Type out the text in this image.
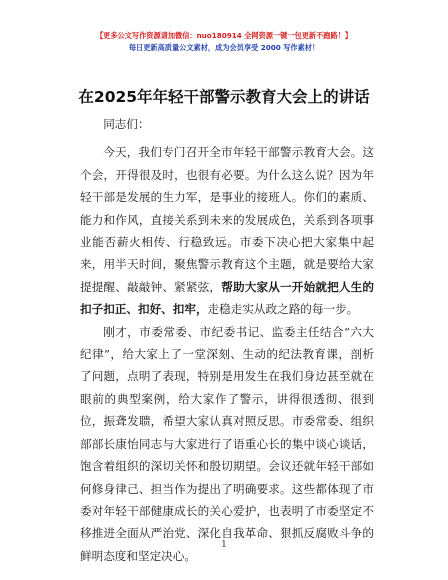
【更多公文写作资源请加微信：nuo180914 全网资源一键一包更新不跑路！】
每日更新高质量公文素材，成为会员享受 2000 写作素材！
在2025年年轻干部警示教育大会上的讲话

同志们：

今天，我们专门召开全市年轻干部警示教育大会。这个会，开得很及时，也很有必要。为什么这么说？因为年轻干部是发展的生力军，是事业的接班人。你们的素质、能力和作风，直接关系到未来的发展成色，关系到各项事业能否薪火相传、行稳致远。市委下决心把大家集中起来，用半天时间，聚焦警示教育这个主题，就是要给大家提提醒、敲敲钟、紧紧弦，帮助大家从一开始就把人生的扣子扣正、扣好、扣牢，走稳走实从政之路的每一步。

刚才，市委常委、市纪委书记、监委主任结合“六大纪律”，给大家上了一堂深刻、生动的纪法教育课，剖析了问题，点明了表现，特别是用发生在我们身边甚至就在眼前的典型案例，给大家作了警示，讲得很透彻、很到位，振聋发聩，希望大家认真对照反思。市委常委、组织部部长康怡同志与大家进行了语重心长的集中谈心谈话，饱含着组织的深切关怀和殷切期望。会议还就年轻干部如何修身律己、担当作为提出了明确要求。这些都体现了市委对年轻干部健康成长的关心爱护，也表明了市委坚定不移推进全面从严治党、深化自我革命、狠抓反腐败斗争的鲜明态度和坚定决心。

1
